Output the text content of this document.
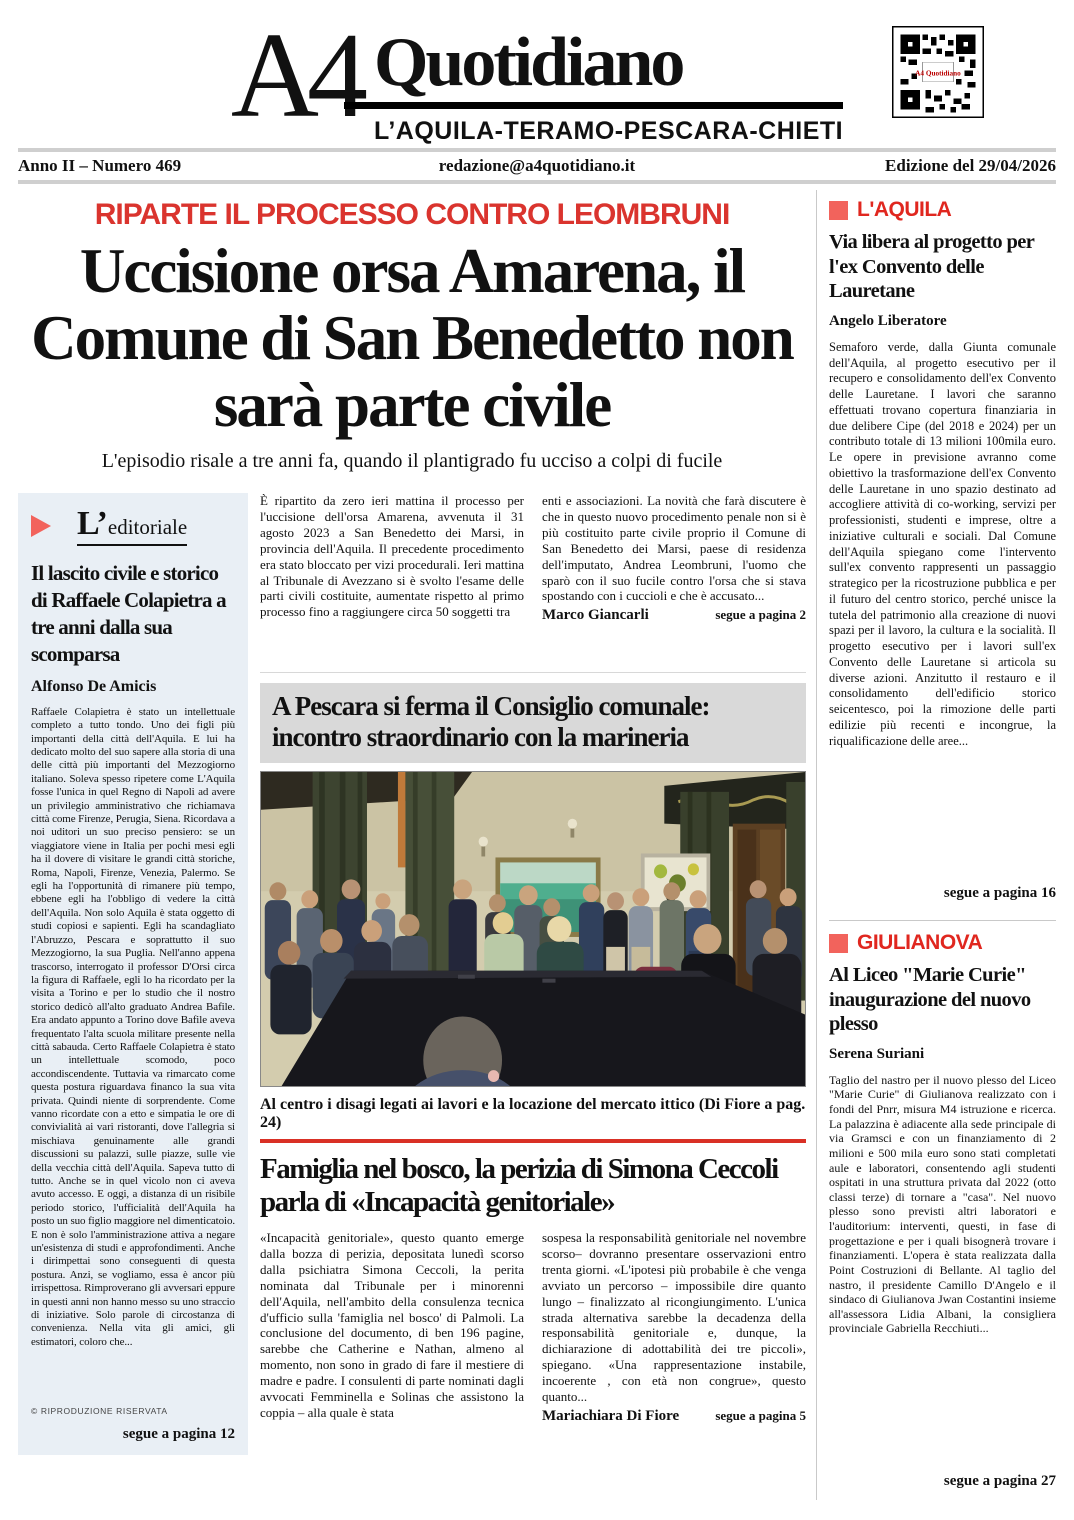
A4 Quotidiano
L’AQUILA-TERAMO-PESCARA-CHIETI
A4 Quotidiano
Anno II – Numero 469	redazione@a4quotidiano.it	Edizione del 29/04/2026
RIPARTE IL PROCESSO CONTRO LEOMBRUNI
Uccisione orsa Amarena, il Comune di San Benedetto non sarà parte civile
L'episodio risale a tre anni fa, quando il plantigrado fu ucciso a colpi di fucile
L’editoriale
Il lascito civile e storico di Raffaele Colapietra a tre anni dalla sua scomparsa
Alfonso De Amicis
Raffaele Colapietra è stato un intellettuale completo a tutto tondo. Uno dei figli più importanti della città dell'Aquila. E lui ha dedicato molto del suo sapere alla storia di una delle città più importanti del Mezzogiorno italiano. Soleva spesso ripetere come L'Aquila fosse l'unica in quel Regno di Napoli ad avere un privilegio amministrativo che richiamava città come Firenze, Perugia, Siena. Ricordava a noi uditori un suo preciso pensiero: se un viaggiatore viene in Italia per pochi mesi egli ha il dovere di visitare le grandi città storiche, Roma, Napoli, Firenze, Venezia, Palermo. Se egli ha l'opportunità di rimanere più tempo, ebbene egli ha l'obbligo di vedere la città dell'Aquila. Non solo Aquila è stata oggetto di studi copiosi e sapienti. Egli ha scandagliato l'Abruzzo, Pescara e soprattutto il suo Mezzogiorno, la sua Puglia. Nell'anno appena trascorso, interrogato il professor D'Orsi circa la figura di Raffaele, egli lo ha ricordato per la visita a Torino e per lo studio che il nostro storico dedicò all'alto graduato Andrea Bafile. Era andato appunto a Torino dove Bafile aveva frequentato l'alta scuola militare presente nella città sabauda. Certo Raffaele Colapietra è stato un intellettuale scomodo, poco accondiscendente. Tuttavia va rimarcato come questa postura riguardava financo la sua vita privata. Quindi niente di sorprendente. Come vanno ricordate con a etto e simpatia le ore di convivialità ai vari ristoranti, dove l'allegria si mischiava genuinamente alle grandi discussioni su palazzi, sulle piazze, sulle vie della vecchia città dell'Aquila. Sapeva tutto di tutto. Anche se in quel vicolo non ci aveva avuto accesso. E oggi, a distanza di un risibile periodo storico, l'ufficialità dell'Aquila ha posto un suo figlio maggiore nel dimenticatoio. E non è solo l'amministrazione attiva a negare un'esistenza di studi e approfondimenti. Anche i dirimpettai sono conseguenti di questa postura. Anzi, se vogliamo, essa è ancor più irrispettosa. Rimproverano gli avversari eppure in questi anni non hanno messo su uno straccio di iniziative. Solo parole di circostanza di convenienza. Nella vita gli amici, gli estimatori, coloro che...
© RIPRODUZIONE RISERVATA
segue a pagina 12
È ripartito da zero ieri mattina il processo per l'uccisione dell'orsa Amarena, avvenuta il 31 agosto 2023 a San Benedetto dei Marsi, in provincia dell'Aquila. Il precedente procedimento era stato bloccato per vizi procedurali. Ieri mattina al Tribunale di Avezzano si è svolto l'esame delle parti civili costituite, aumentate rispetto al primo processo fino a raggiungere circa 50 soggetti tra
enti e associazioni. La novità che farà discutere è che in questo nuovo procedimento penale non si è più costituito parte civile proprio il Comune di San Benedetto dei Marsi, paese di residenza dell'imputato, Andrea Leombruni, l'uomo che sparò con il suo fucile contro l'orsa che si stava spostando con i cuccioli e che è accusato...
Marco Giancarli	segue a pagina 2
A Pescara si ferma il Consiglio comunale: incontro straordinario con la marineria
Al centro i disagi legati ai lavori e la locazione del mercato ittico (Di Fiore a pag. 24)
Famiglia nel bosco, la perizia di Simona Ceccoli parla di «Incapacità genitoriale»
«Incapacità genitoriale», questo quanto emerge dalla bozza di perizia, depositata lunedì scorso dalla psichiatra Simona Ceccoli, la perita nominata dal Tribunale per i minorenni dell'Aquila, nell'ambito della consulenza tecnica d'ufficio sulla 'famiglia nel bosco' di Palmoli. La conclusione del documento, di ben 196 pagine, sarebbe che Catherine e Nathan, almeno al momento, non sono in grado di fare il mestiere di madre e padre. I consulenti di parte nominati dagli avvocati Femminella e Solinas che assistono la coppia – alla quale è stata
sospesa la responsabilità genitoriale nel novembre scorso– dovranno presentare osservazioni entro trenta giorni. «L'ipotesi più probabile è che venga avviato un percorso – impossibile dire quanto lungo – finalizzato al ricongiungimento. L'unica strada alternativa sarebbe la decadenza della responsabilità genitoriale e, dunque, la dichiarazione di adottabilità dei tre piccoli», spiegano. «Una rappresentazione instabile, incoerente , con età non congrue», questo quanto...
Mariachiara Di Fiore	segue a pagina 5
L'AQUILA
Via libera al progetto per l'ex Convento delle Lauretane
Angelo Liberatore
Semaforo verde, dalla Giunta comunale dell'Aquila, al progetto esecutivo per il recupero e consolidamento dell'ex Convento delle Lauretane. I lavori che saranno effettuati trovano copertura finanziaria in due delibere Cipe (del 2018 e 2024) per un contributo totale di 13 milioni 100mila euro. Le opere in previsione avranno come obiettivo la trasformazione dell'ex Convento delle Lauretane in uno spazio destinato ad accogliere attività di co-working, servizi per professionisti, studenti e imprese, oltre a iniziative culturali e sociali. Dal Comune dell'Aquila spiegano come l'intervento sull'ex convento rappresenti un passaggio strategico per la ricostruzione pubblica e per il futuro del centro storico, perché unisce la tutela del patrimonio alla creazione di nuovi spazi per il lavoro, la cultura e la socialità. Il progetto esecutivo per i lavori sull'ex Convento delle Lauretane si articola su diverse azioni. Anzitutto il restauro e il consolidamento dell'edificio storico seicentesco, poi la rimozione delle parti edilizie più recenti e incongrue, la riqualificazione delle aree...
segue a pagina 16
GIULIANOVA
Al Liceo "Marie Curie" inaugurazione del nuovo plesso
Serena Suriani
Taglio del nastro per il nuovo plesso del Liceo "Marie Curie" di Giulianova realizzato con i fondi del Pnrr, misura M4 istruzione e ricerca. La palazzina è adiacente alla sede principale di via Gramsci e con un finanziamento di 2 milioni e 500 mila euro sono stati completati aule e laboratori, consentendo agli studenti ospitati in una struttura privata dal 2022 (otto classi terze) di tornare a "casa". Nel nuovo plesso sono previsti altri laboratori e l'auditorium: interventi, questi, in fase di progettazione e per i quali bisognerà trovare i finanziamenti. L'opera è stata realizzata dalla Point Costruzioni di Bellante. Al taglio del nastro, il presidente Camillo D'Angelo e il sindaco di Giulianova Jwan Costantini insieme all'assessora Lidia Albani, la consigliera provinciale Gabriella Recchiuti...
segue a pagina 27
